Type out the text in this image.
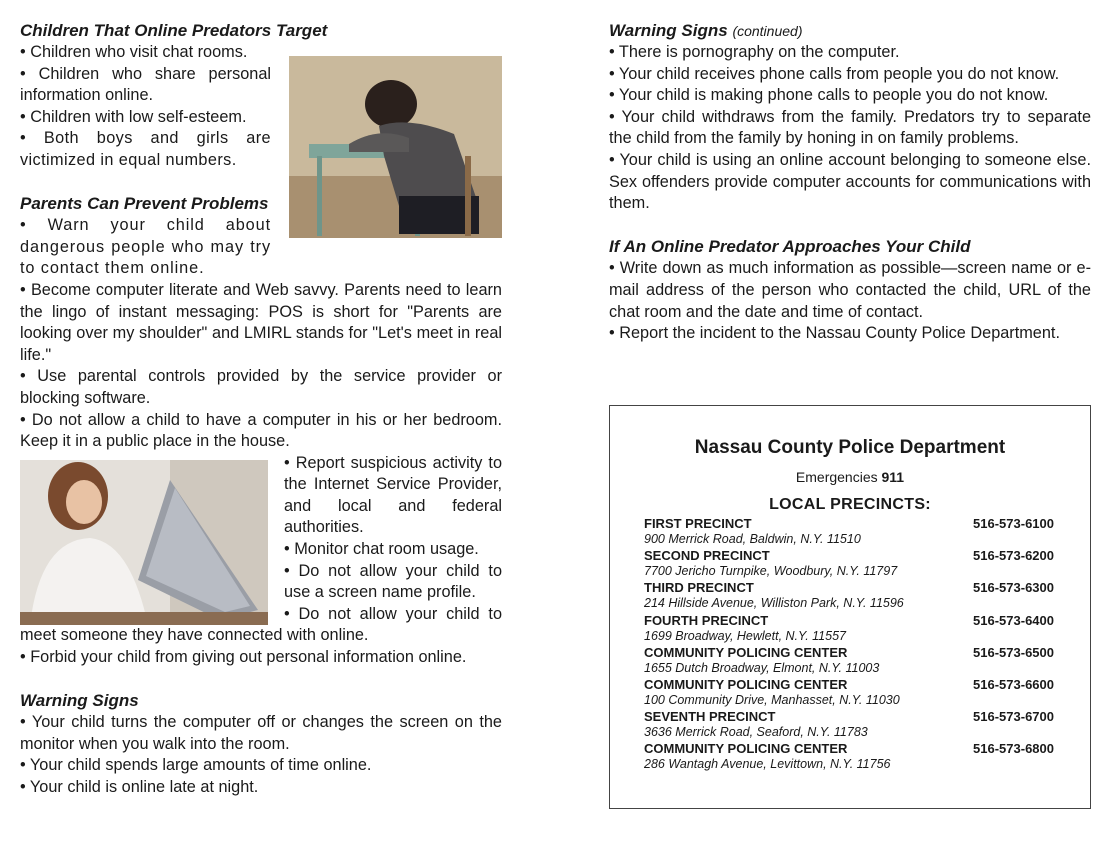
Children That Online Predators Target

• Children who visit chat rooms.

• Children who share personal information online.

• Children with low self-esteem.

• Both boys and girls are victimized in equal numbers.

Parents Can Prevent Problems

• Warn your child about dangerous people who may try to contact them online.

• Become computer literate and Web savvy. Parents need to learn the lingo of instant messaging: POS is short for "Parents are looking over my shoulder" and LMIRL stands for "Let's meet in real life."

• Use parental controls provided by the service provider or blocking software.

• Do not allow a child to have a computer in his or her bedroom. Keep it in a public place in the house.

• Report suspicious activity to the Internet Service Provider, and local and federal authorities.

• Monitor chat room usage.

• Do not allow your child to use a screen name profile.

• Do not allow your child to meet someone they have connected with online.

• Forbid your child from giving out personal information online.

Warning Signs

• Your child turns the computer off or changes the screen on the monitor when you walk into the room.

• Your child spends large amounts of time online.

• Your child is online late at night.

Warning Signs (continued)

• There is pornography on the computer.

• Your child receives phone calls from people you do not know.

• Your child is making phone calls to people you do not know.

• Your child withdraws from the family. Predators try to separate the child from the family by honing in on family problems.

• Your child is using an online account belonging to someone else. Sex offenders provide computer accounts for communications with them.

If An Online Predator Approaches Your Child

• Write down as much information as possible—screen name or e-mail address of the person who contacted the child, URL of the chat room and the date and time of contact.

• Report the incident to the Nassau County Police Department.

Nassau County Police Department
Emergencies 911
LOCAL PRECINCTS:
FIRST PRECINCT
900 Merrick Road, Baldwin, N.Y. 11510
516-573-6100
SECOND PRECINCT
7700 Jericho Turnpike, Woodbury, N.Y. 11797
516-573-6200
THIRD PRECINCT
214 Hillside Avenue, Williston Park, N.Y. 11596
516-573-6300
FOURTH PRECINCT
1699 Broadway, Hewlett, N.Y. 11557
516-573-6400
COMMUNITY POLICING CENTER
1655 Dutch Broadway, Elmont, N.Y. 11003
516-573-6500
COMMUNITY POLICING CENTER
100 Community Drive, Manhasset, N.Y. 11030
516-573-6600
SEVENTH PRECINCT
3636 Merrick Road, Seaford, N.Y. 11783
516-573-6700
COMMUNITY POLICING CENTER
286 Wantagh Avenue, Levittown, N.Y. 11756
516-573-6800
